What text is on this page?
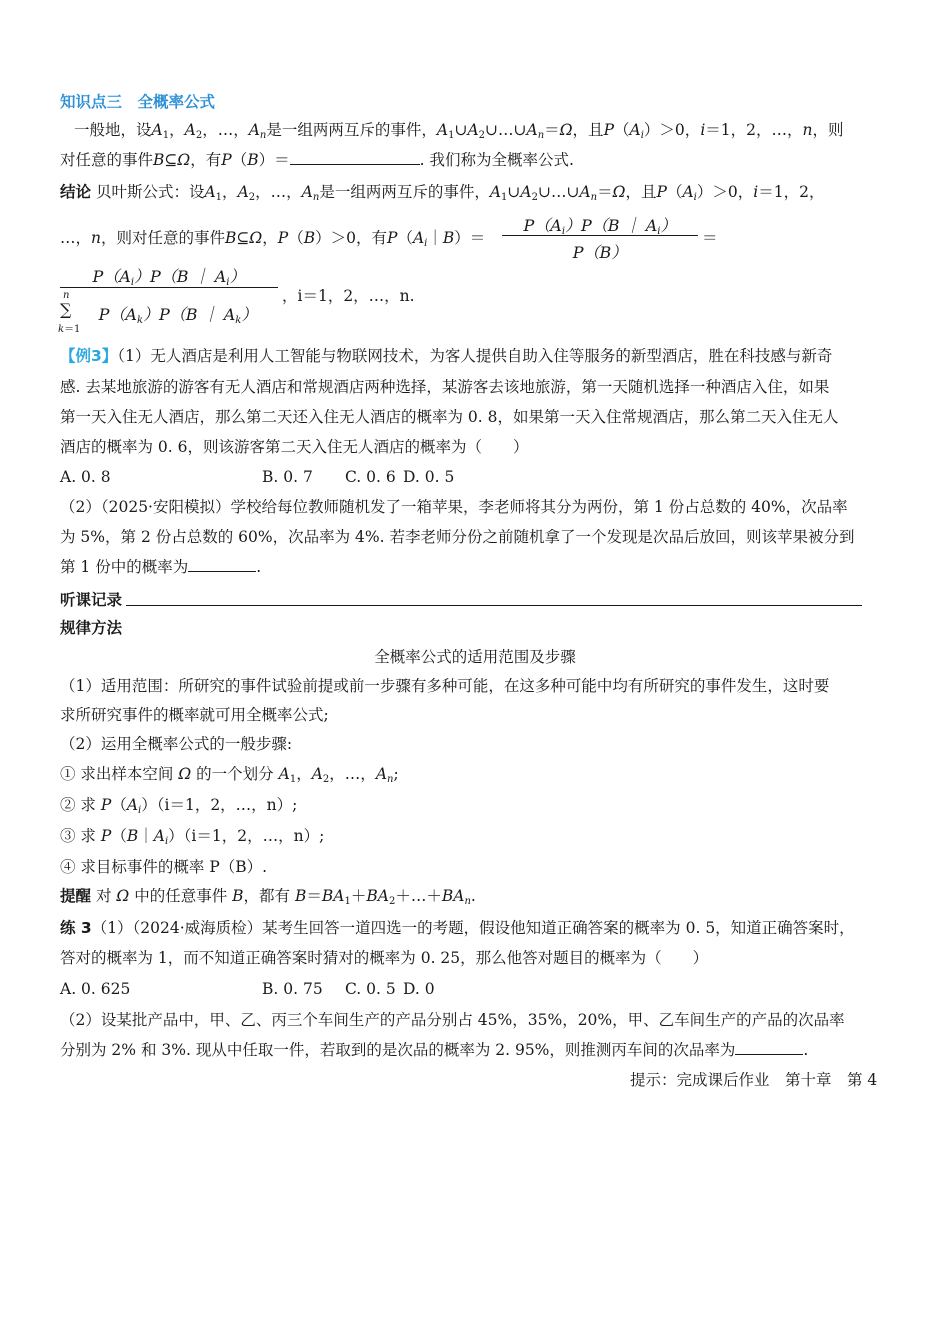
知识点三　全概率公式
一般地，设$A_1$，$A_2$，…，$A_n$是一组两两互斥的事件，$A_1\cup A_2\cup\dots\cup A_n=\Omega$，且$P(A_i)>0$，i＝1，2，…，n，则
对任意的事件B⊆Ω，有P（B）＝	. 我们称为全概率公式.
结论 贝叶斯公式：设$A_1$，$A_2$，…，$A_n$是一组两两互斥的事件，$A_1\cup A_2\cup\dots\cup A_n=\Omega$，且$P(A_i)>0$，i＝1，2，
…，n，则对任意的事件B⊆Ω，P（B）＞0，有$P(A_i|B)=$
$P(A_i)P(B$ ｜ $A_i$）
P（B）
＝
$P(A_i)P(B$ ｜ $A_i$）
n
∑
k＝1
$P(A_k)P(B$ ｜ $A_k$）
，i＝1，2，…，n.
【例3】（1）无人酒店是利用人工智能与物联网技术，为客人提供自助入住等服务的新型酒店，胜在科技感与新奇
感. 去某地旅游的游客有无人酒店和常规酒店两种选择，某游客去该地旅游，第一天随机选择一种酒店入住，如果
第一天入住无人酒店，那么第二天还入住无人酒店的概率为 0. 8，如果第一天入住常规酒店，那么第二天入住无人
酒店的概率为 0. 6，则该游客第二天入住无人酒店的概率为（　　）
A. 0. 8	B. 0. 7 C. 0. 6 D. 0. 5
（2）（2025·安阳模拟）学校给每位教师随机发了一箱苹果，李老师将其分为两份，第 1 份占总数的 40%，次品率
为 5%，第 2 份占总数的 60%，次品率为 4%. 若李老师分份之前随机拿了一个发现是次品后放回，则该苹果被分到
第 1 份中的概率为	.
听课记录
规律方法
全概率公式的适用范围及步骤
（1）适用范围：所研究的事件试验前提或前一步骤有多种可能，在这多种可能中均有所研究的事件发生，这时要
求所研究事件的概率就可用全概率公式;
（2）运用全概率公式的一般步骤:
① 求出样本空间 Ω 的一个划分 $A_1$，$A_2$，…，$A_n$;
② 求 $P(A_i)(i=1$，2，…，n）;
③ 求 $P(B|A_i)(i=1$，2，…，n）;
④ 求目标事件的概率 P（B）.
提醒 对 Ω 中的任意事件 B，都有 $B=BA_1+BA_2+\dots+BA_n$.
练 3（1）（2024·威海质检）某考生回答一道四选一的考题，假设他知道正确答案的概率为 0. 5，知道正确答案时，
答对的概率为 1，而不知道正确答案时猜对的概率为 0. 25，那么他答对题目的概率为（　　）
A. 0. 625	B. 0. 75 C. 0. 5 D. 0
（2）设某批产品中，甲、乙、丙三个车间生产的产品分别占 45%，35%，20%，甲、乙车间生产的产品的次品率
分别为 2% 和 3%. 现从中任取一件，若取到的是次品的概率为 2. 95%，则推测丙车间的次品率为	.
提示：完成课后作业　第十章　第 4
